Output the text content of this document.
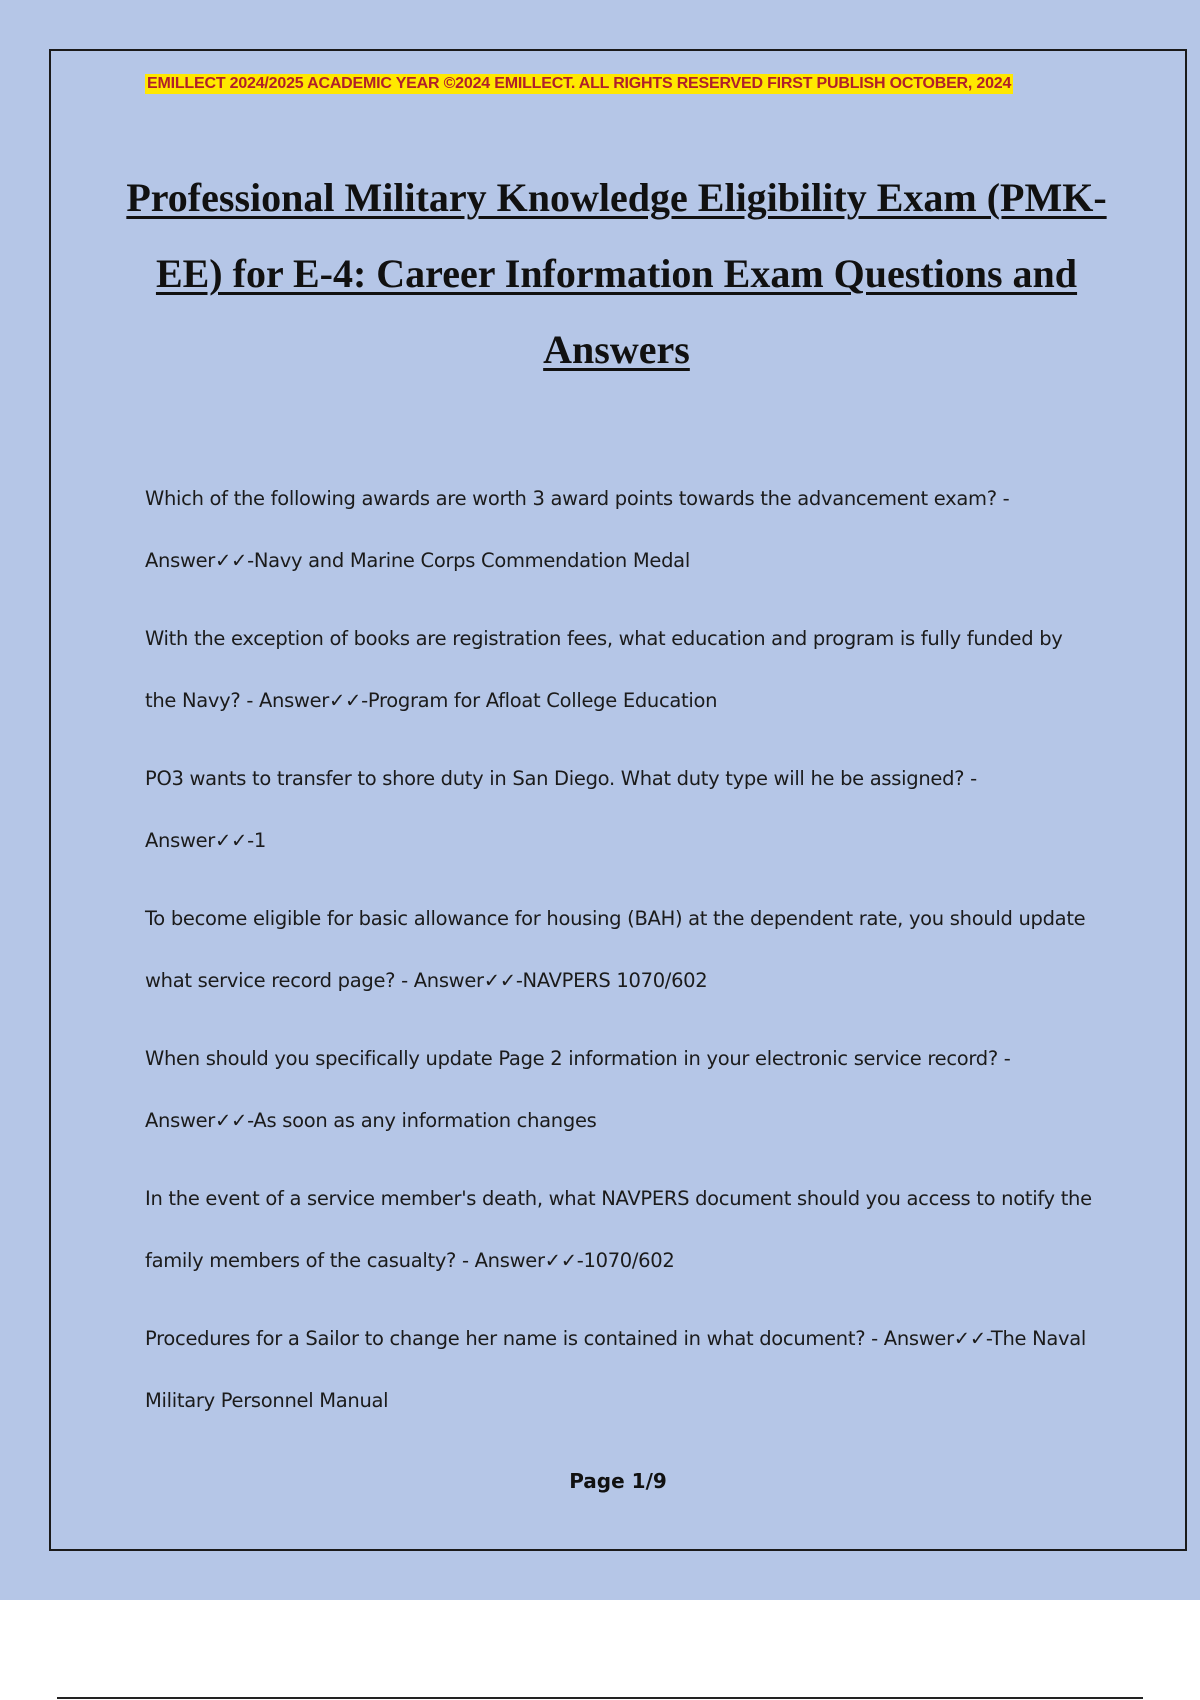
EMILLECT 2024/2025 ACADEMIC YEAR ©2024 EMILLECT. ALL RIGHTS RESERVED FIRST PUBLISH OCTOBER, 2024
Professional Military Knowledge Eligibility Exam (PMK-EE) for E-4: Career Information Exam Questions and Answers
Which of the following awards are worth 3 award points towards the advancement exam? - Answer✓✓-Navy and Marine Corps Commendation Medal
With the exception of books are registration fees, what education and program is fully funded by the Navy? - Answer✓✓-Program for Afloat College Education
PO3 wants to transfer to shore duty in San Diego. What duty type will he be assigned? - Answer✓✓-1
To become eligible for basic allowance for housing (BAH) at the dependent rate, you should update what service record page? - Answer✓✓-NAVPERS 1070/602
When should you specifically update Page 2 information in your electronic service record? - Answer✓✓-As soon as any information changes
In the event of a service member's death, what NAVPERS document should you access to notify the family members of the casualty? - Answer✓✓-1070/602
Procedures for a Sailor to change her name is contained in what document? - Answer✓✓-The Naval Military Personnel Manual
Page 1/9
